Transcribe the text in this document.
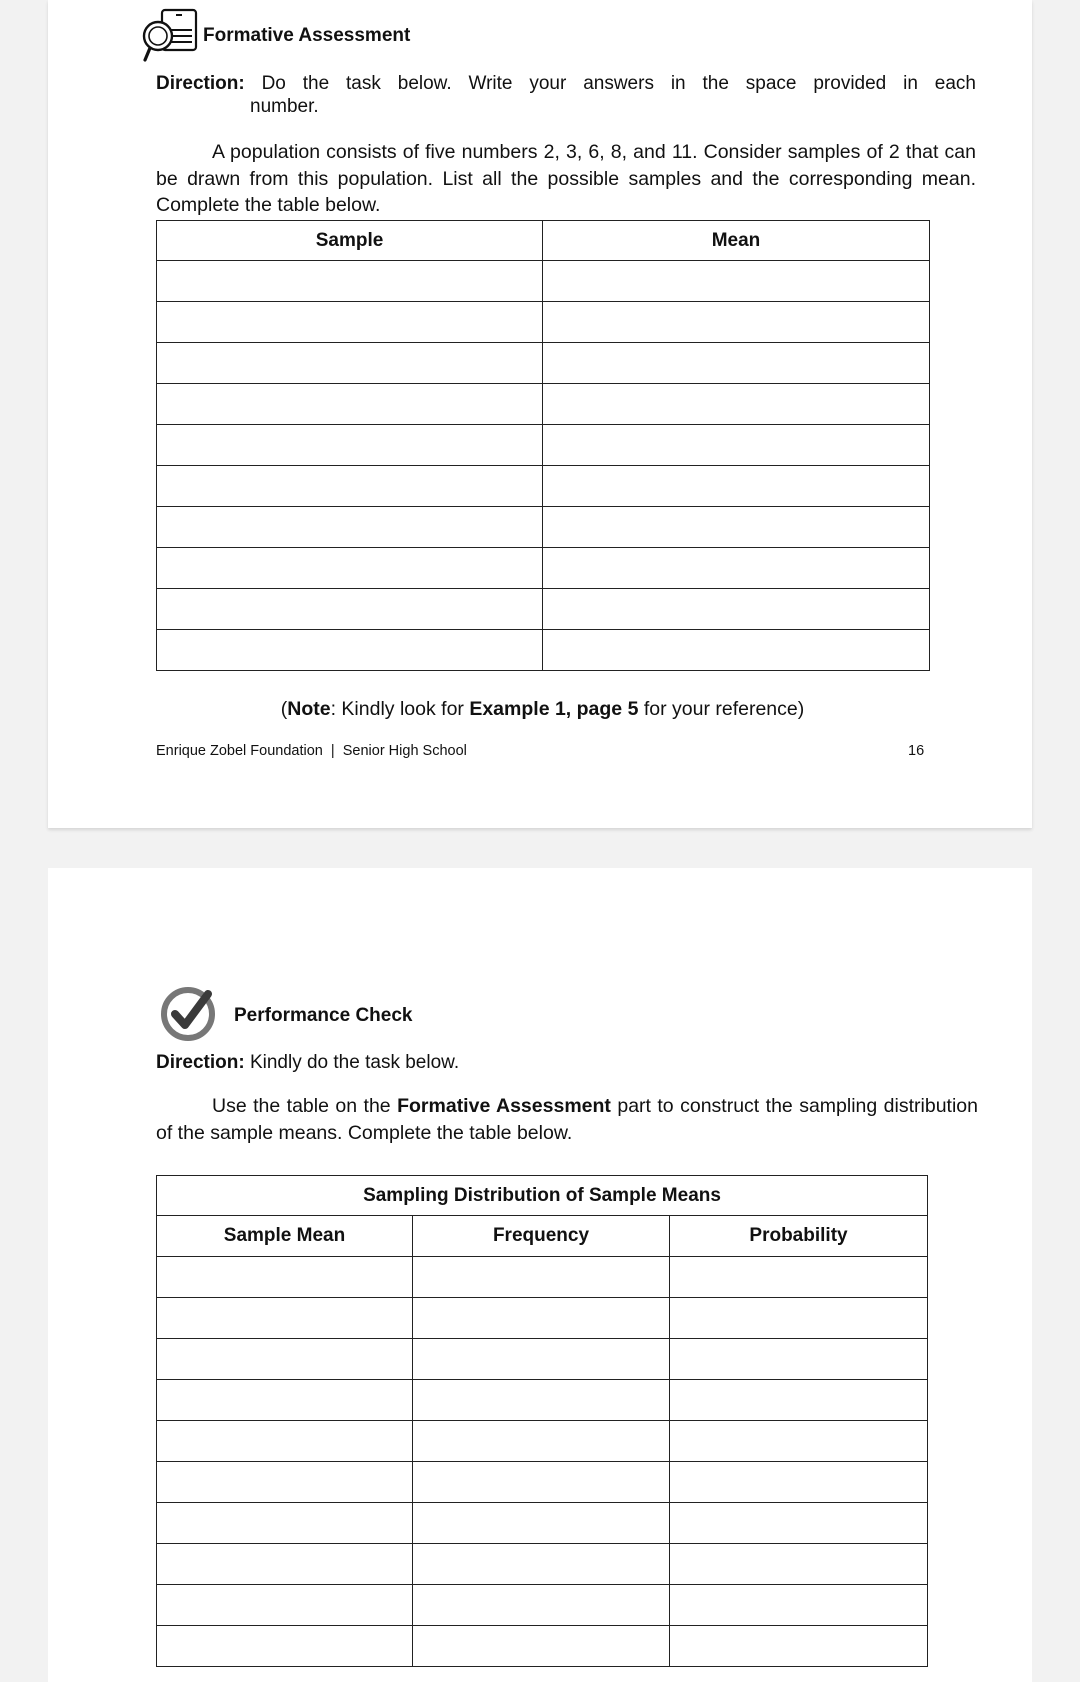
Formative Assessment
Direction: Do the task below. Write your answers in the space provided in each
number.
A population consists of five numbers 2, 3, 6, 8, and 11. Consider samples of 2 that can be drawn from this population. List all the possible samples and the corresponding mean. Complete the table below.
Sample	Mean

(Note: Kindly look for Example 1, page 5 for your reference)
Enrique Zobel Foundation  |  Senior High School	16
Performance Check
Direction: Kindly do the task below.
Use the table on the Formative Assessment part to construct the sampling distribution of the sample means. Complete the table below.
Sampling Distribution of Sample Means		
Sample Mean	Frequency	Probability
